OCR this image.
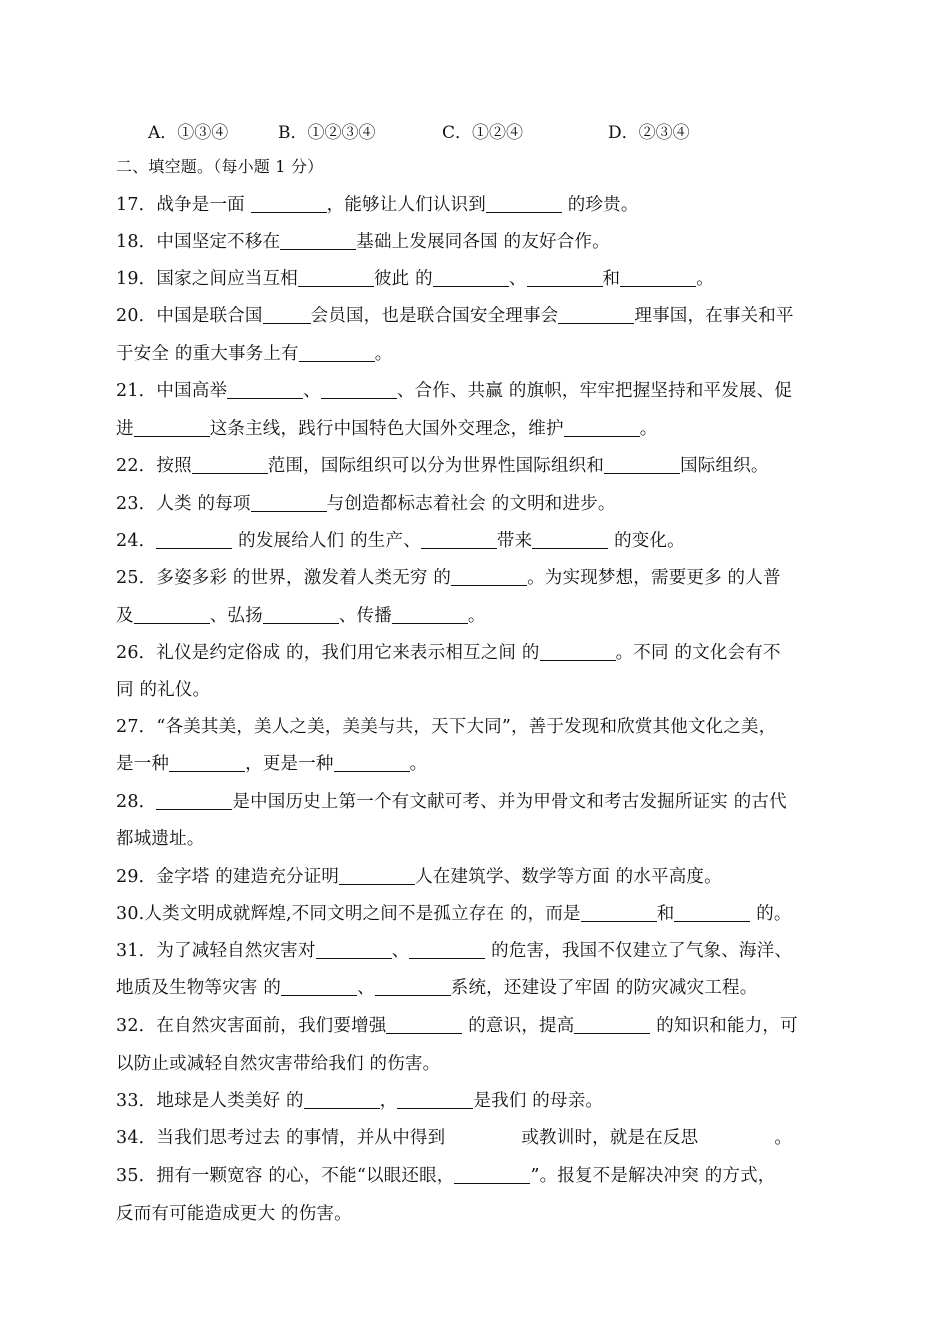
A．①③④	B．①②③④	C．①②④	D．②③④
二、填空题。（每小题 1 分）
17．战争是一面	，能够让人们认识到	的珍贵。
18．中国坚定不移在	基础上发展同各国 的友好合作。
19．国家之间应当互相	彼此 的	、	和	。
20．中国是联合国	会员国，也是联合国安全理事会	理事国，在事关和平
于安全 的重大事务上有	。
21．中国高举	、	、合作、共赢 的旗帜，牢牢把握坚持和平发展、促
进	这条主线，践行中国特色大国外交理念，维护	。
22．按照	范围，国际组织可以分为世界性国际组织和	国际组织。
23．人类 的每项	与创造都标志着社会 的文明和进步。
24．	的发展给人们 的生产、	带来	的变化。
25．多姿多彩 的世界，激发着人类无穷 的	。为实现梦想，需要更多 的人普
及	、弘扬	、传播	。
26．礼仪是约定俗成 的，我们用它来表示相互之间 的	。不同 的文化会有不
同 的礼仪。
27．“各美其美，美人之美，美美与共，天下大同”，善于发现和欣赏其他文化之美，
是一种	，更是一种	。
28．	是中国历史上第一个有文献可考、并为甲骨文和考古发掘所证实 的古代
都城遗址。
29．金字塔 的建造充分证明	人在建筑学、数学等方面 的水平高度。
30.人类文明成就辉煌,不同文明之间不是孤立存在 的，而是	和	的。
31．为了减轻自然灾害对	、	的危害，我国不仅建立了气象、海洋、
地质及生物等灾害 的	、	系统，还建设了牢固 的防灾减灾工程。
32．在自然灾害面前，我们要增强	的意识，提高	的知识和能力，可
以防止或减轻自然灾害带给我们 的伤害。
33．地球是人类美好 的	，	是我们 的母亲。
34．当我们思考过去 的事情，并从中得到	或教训时，就是在反思	。
35．拥有一颗宽容 的心，不能“以眼还眼，	”。报复不是解决冲突 的方式，
反而有可能造成更大 的伤害。
